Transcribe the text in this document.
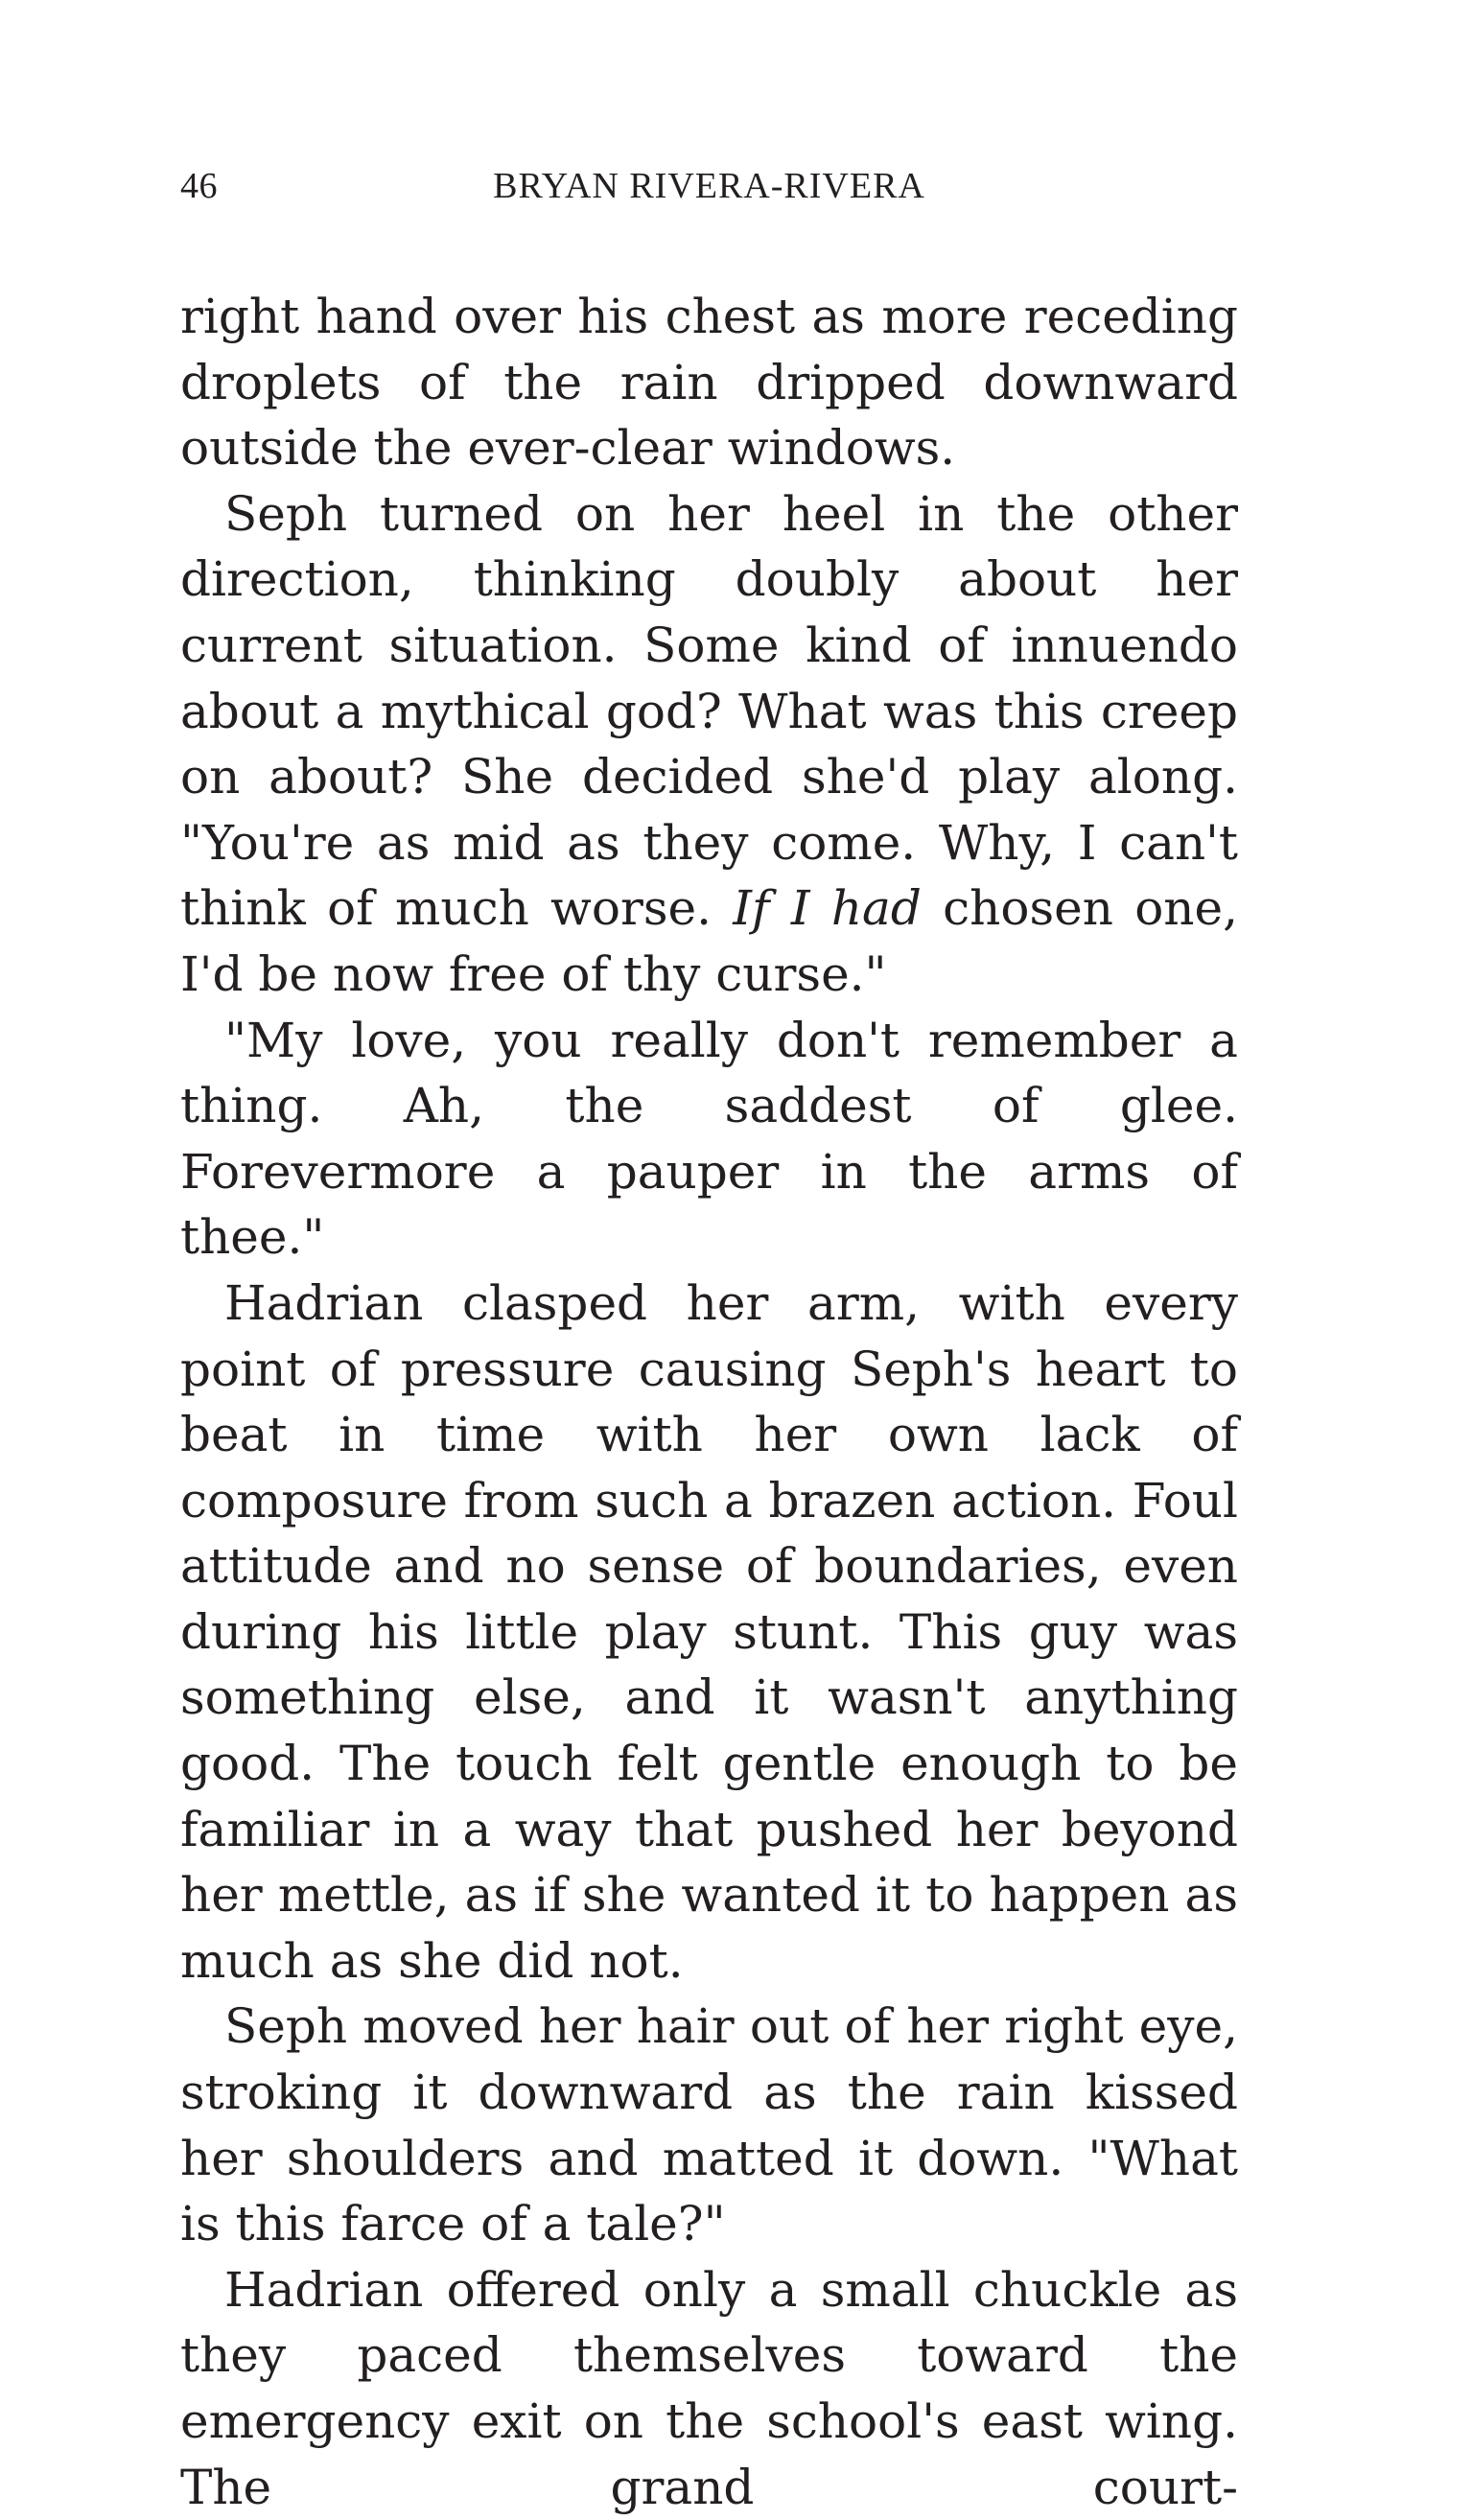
46	BRYAN RIVERA-RIVERA

right hand over his chest as more receding droplets of the rain dripped downward outside the ever-clear windows.

Seph turned on her heel in the other direction, thinking doubly about her current situation. Some kind of innuendo about a mythical god? What was this creep on about? She decided she'd play along. "You're as mid as they come. Why, I can't think of much worse. If I had chosen one, I'd be now free of thy curse."

"My love, you really don't remember a thing. Ah, the saddest of glee. Forevermore a pauper in the arms of thee."

Hadrian clasped her arm, with every point of pressure causing Seph's heart to beat in time with her own lack of composure from such a brazen action. Foul attitude and no sense of boundaries, even during his little play stunt. This guy was something else, and it wasn't anything good. The touch felt gentle enough to be familiar in a way that pushed her beyond her mettle, as if she wanted it to happen as much as she did not.

Seph moved her hair out of her right eye, stroking it downward as the rain kissed her shoulders and matted it down. "What is this farce of a tale?"

Hadrian offered only a small chuckle as they paced themselves toward the emergency exit on the school's east wing. The grand court-
